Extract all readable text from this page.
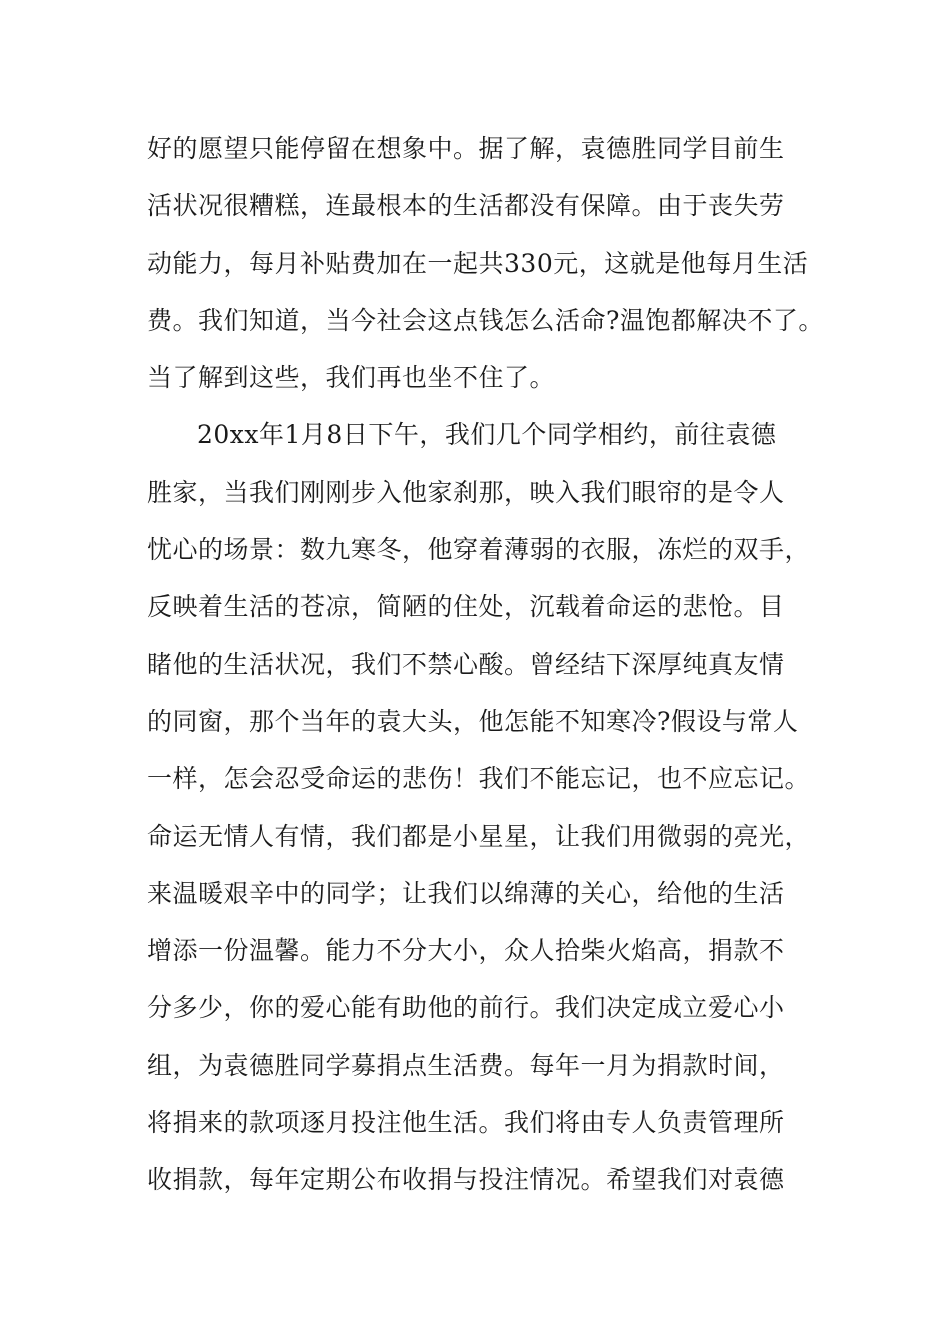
好的愿望只能停留在想象中。据了解，袁德胜同学目前生
活状况很糟糕，连最根本的生活都没有保障。由于丧失劳
动能力，每月补贴费加在一起共330元，这就是他每月生活
费。我们知道，当今社会这点钱怎么活命?温饱都解决不了。
当了解到这些，我们再也坐不住了。
20xx年1月8日下午，我们几个同学相约，前往袁德
胜家，当我们刚刚步入他家刹那，映入我们眼帘的是令人
忧心的场景：数九寒冬，他穿着薄弱的衣服，冻烂的双手，
反映着生活的苍凉，简陋的住处，沉载着命运的悲怆。目
睹他的生活状况，我们不禁心酸。曾经结下深厚纯真友情
的同窗，那个当年的袁大头，他怎能不知寒冷?假设与常人
一样，怎会忍受命运的悲伤！我们不能忘记，也不应忘记。
命运无情人有情，我们都是小星星，让我们用微弱的亮光，
来温暖艰辛中的同学；让我们以绵薄的关心，给他的生活
增添一份温馨。能力不分大小，众人拾柴火焰高，捐款不
分多少，你的爱心能有助他的前行。我们决定成立爱心小
组，为袁德胜同学募捐点生活费。每年一月为捐款时间，
将捐来的款项逐月投注他生活。我们将由专人负责管理所
收捐款，每年定期公布收捐与投注情况。希望我们对袁德
